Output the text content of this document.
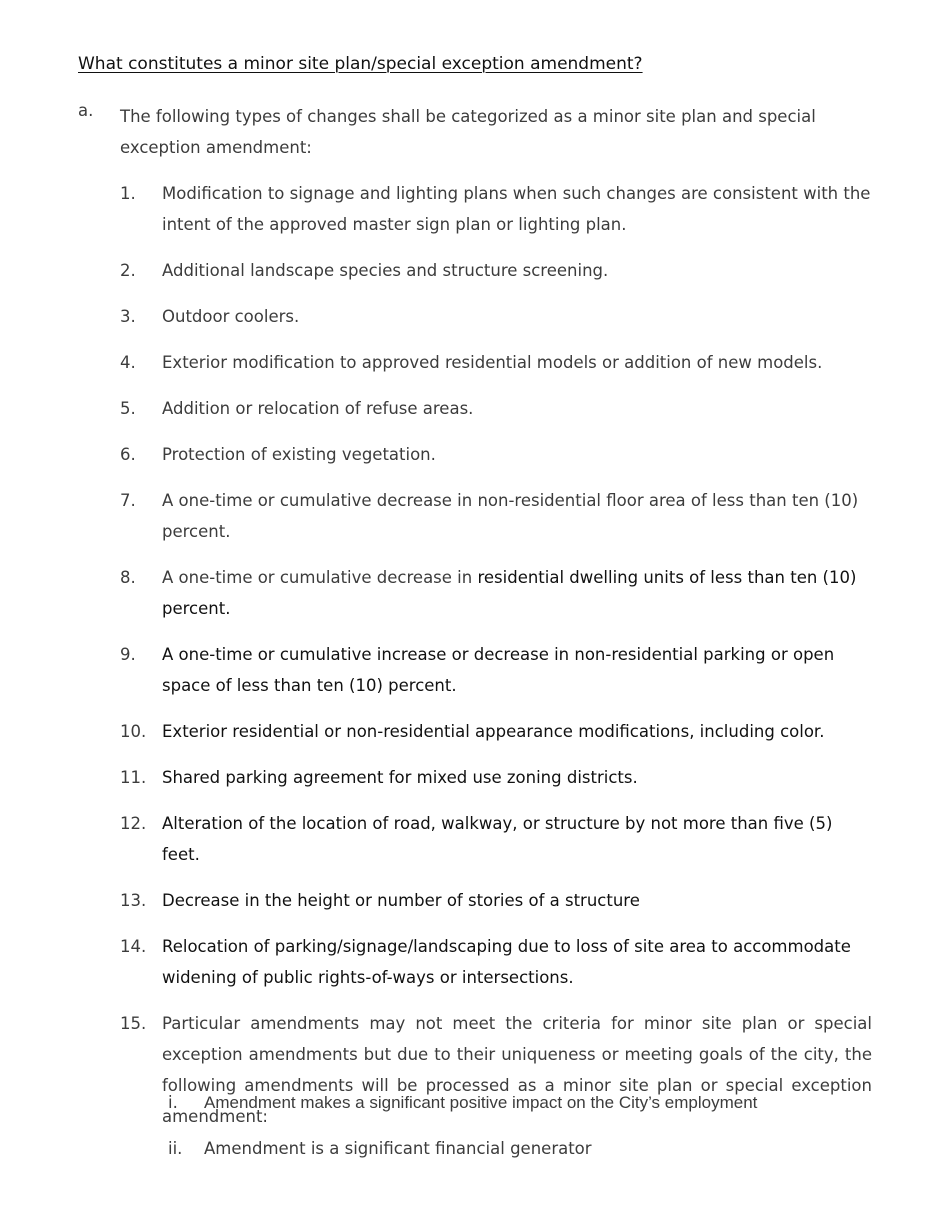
What constitutes a minor site plan/special exception amendment?
a. The following types of changes shall be categorized as a minor site plan and special exception amendment:
1. Modification to signage and lighting plans when such changes are consistent with the intent of the approved master sign plan or lighting plan.
2. Additional landscape species and structure screening.
3. Outdoor coolers.
4. Exterior modification to approved residential models or addition of new models.
5. Addition or relocation of refuse areas.
6. Protection of existing vegetation.
7. A one-time or cumulative decrease in non-residential floor area of less than ten (10) percent.
8. A one-time or cumulative decrease in residential dwelling units of less than ten (10) percent.
9. A one-time or cumulative increase or decrease in non-residential parking or open space of less than ten (10) percent.
10. Exterior residential or non-residential appearance modifications, including color.
11. Shared parking agreement for mixed use zoning districts.
12. Alteration of the location of road, walkway, or structure by not more than five (5) feet.
13. Decrease in the height or number of stories of a structure
14. Relocation of parking/signage/landscaping due to loss of site area to accommodate widening of public rights-of-ways or intersections.
15. Particular amendments may not meet the criteria for minor site plan or special exception amendments but due to their uniqueness or meeting goals of the city, the following amendments will be processed as a minor site plan or special exception amendment:
i. Amendment makes a significant positive impact on the City’s employment
ii. Amendment is a significant financial generator
